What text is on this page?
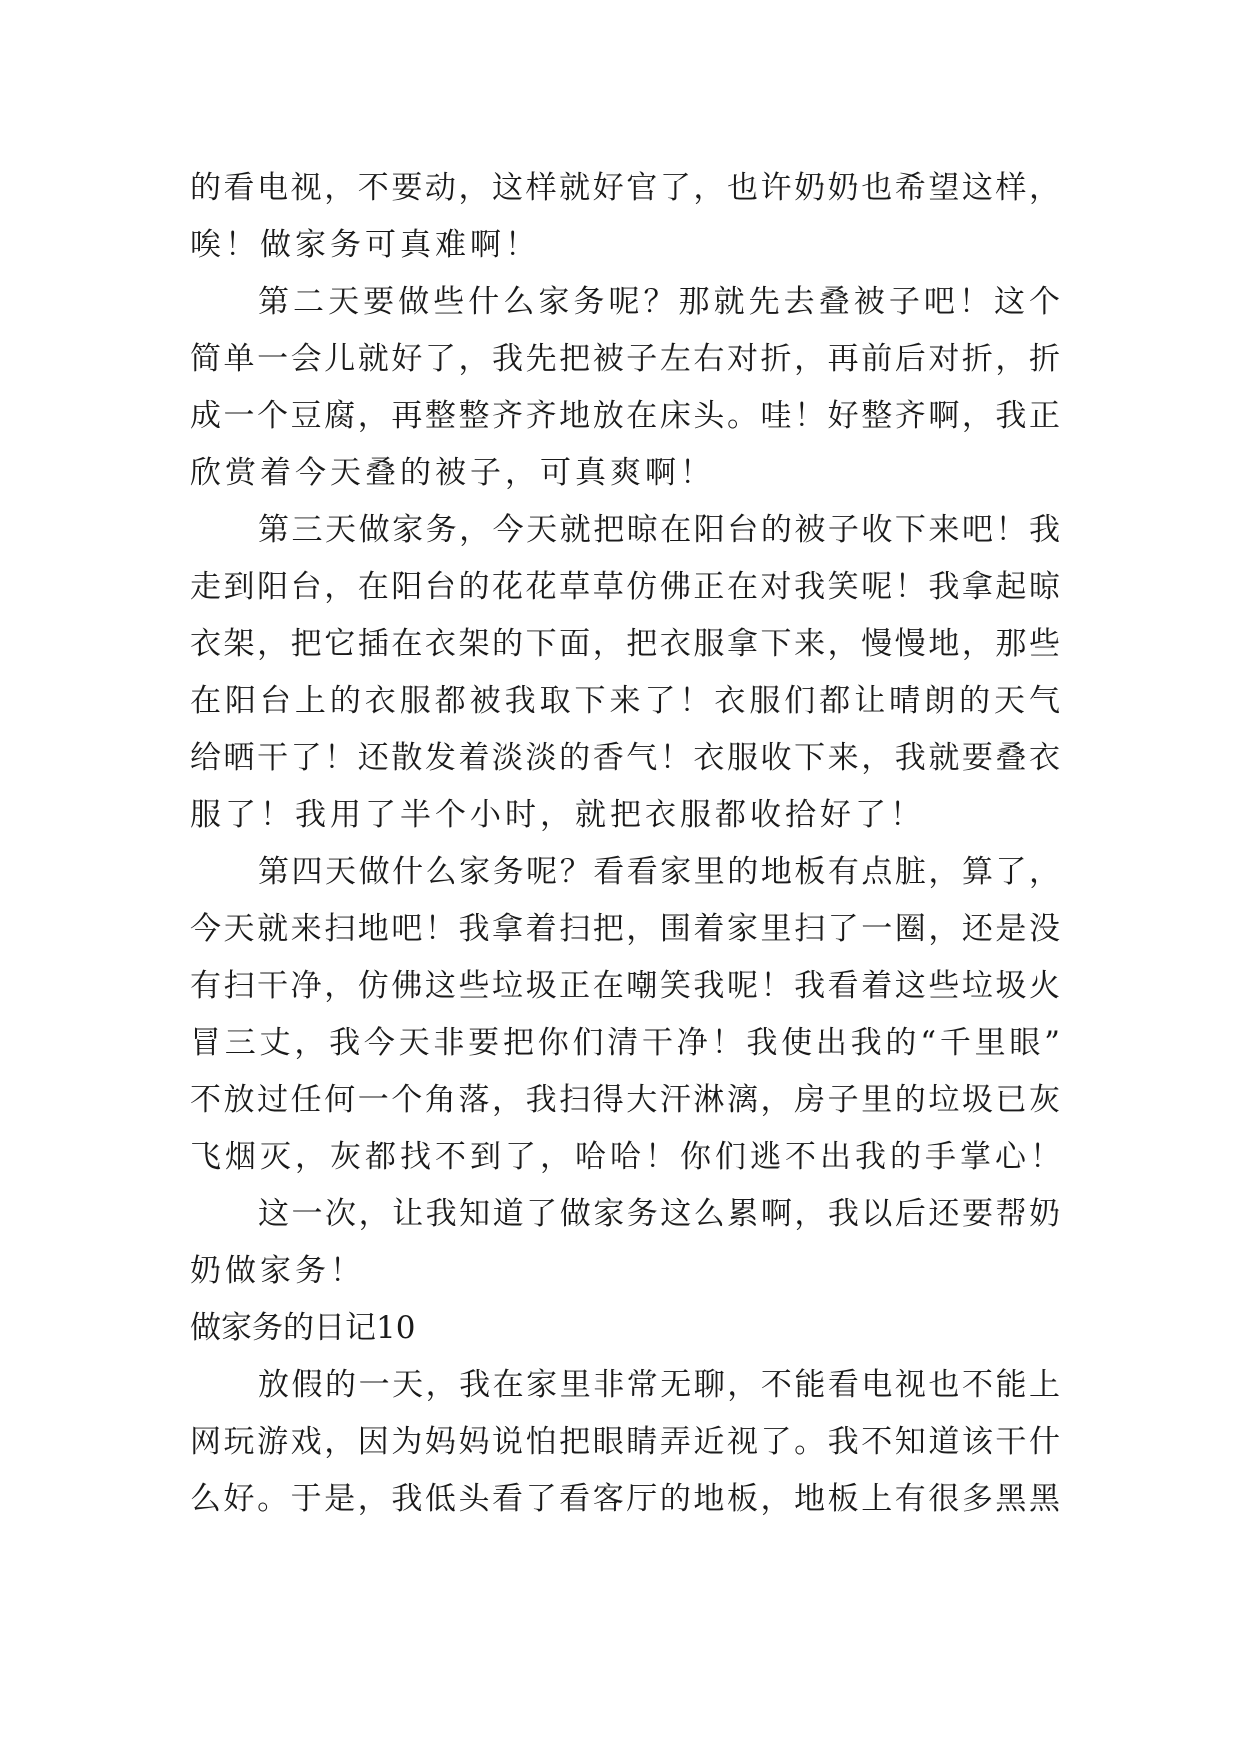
的看电视，不要动，这样就好官了，也许奶奶也希望这样，
唉！做家务可真难啊！
第二天要做些什么家务呢？那就先去叠被子吧！这个
简单一会儿就好了，我先把被子左右对折，再前后对折，折
成一个豆腐，再整整齐齐地放在床头。哇！好整齐啊，我正
欣赏着今天叠的被子，可真爽啊！
第三天做家务，今天就把晾在阳台的被子收下来吧！我
走到阳台，在阳台的花花草草仿佛正在对我笑呢！我拿起晾
衣架，把它插在衣架的下面，把衣服拿下来，慢慢地，那些
在阳台上的衣服都被我取下来了！衣服们都让晴朗的天气
给晒干了！还散发着淡淡的香气！衣服收下来，我就要叠衣
服了！我用了半个小时，就把衣服都收拾好了！
第四天做什么家务呢？看看家里的地板有点脏，算了，
今天就来扫地吧！我拿着扫把，围着家里扫了一圈，还是没
有扫干净，仿佛这些垃圾正在嘲笑我呢！我看着这些垃圾火
冒三丈，我今天非要把你们清干净！我使出我的“千里眼”
不放过任何一个角落，我扫得大汗淋漓，房子里的垃圾已灰
飞烟灭，灰都找不到了，哈哈！你们逃不出我的手掌心！
这一次，让我知道了做家务这么累啊，我以后还要帮奶
奶做家务！
做家务的日记10
放假的一天，我在家里非常无聊，不能看电视也不能上
网玩游戏，因为妈妈说怕把眼睛弄近视了。我不知道该干什
么好。于是，我低头看了看客厅的地板，地板上有很多黑黑
